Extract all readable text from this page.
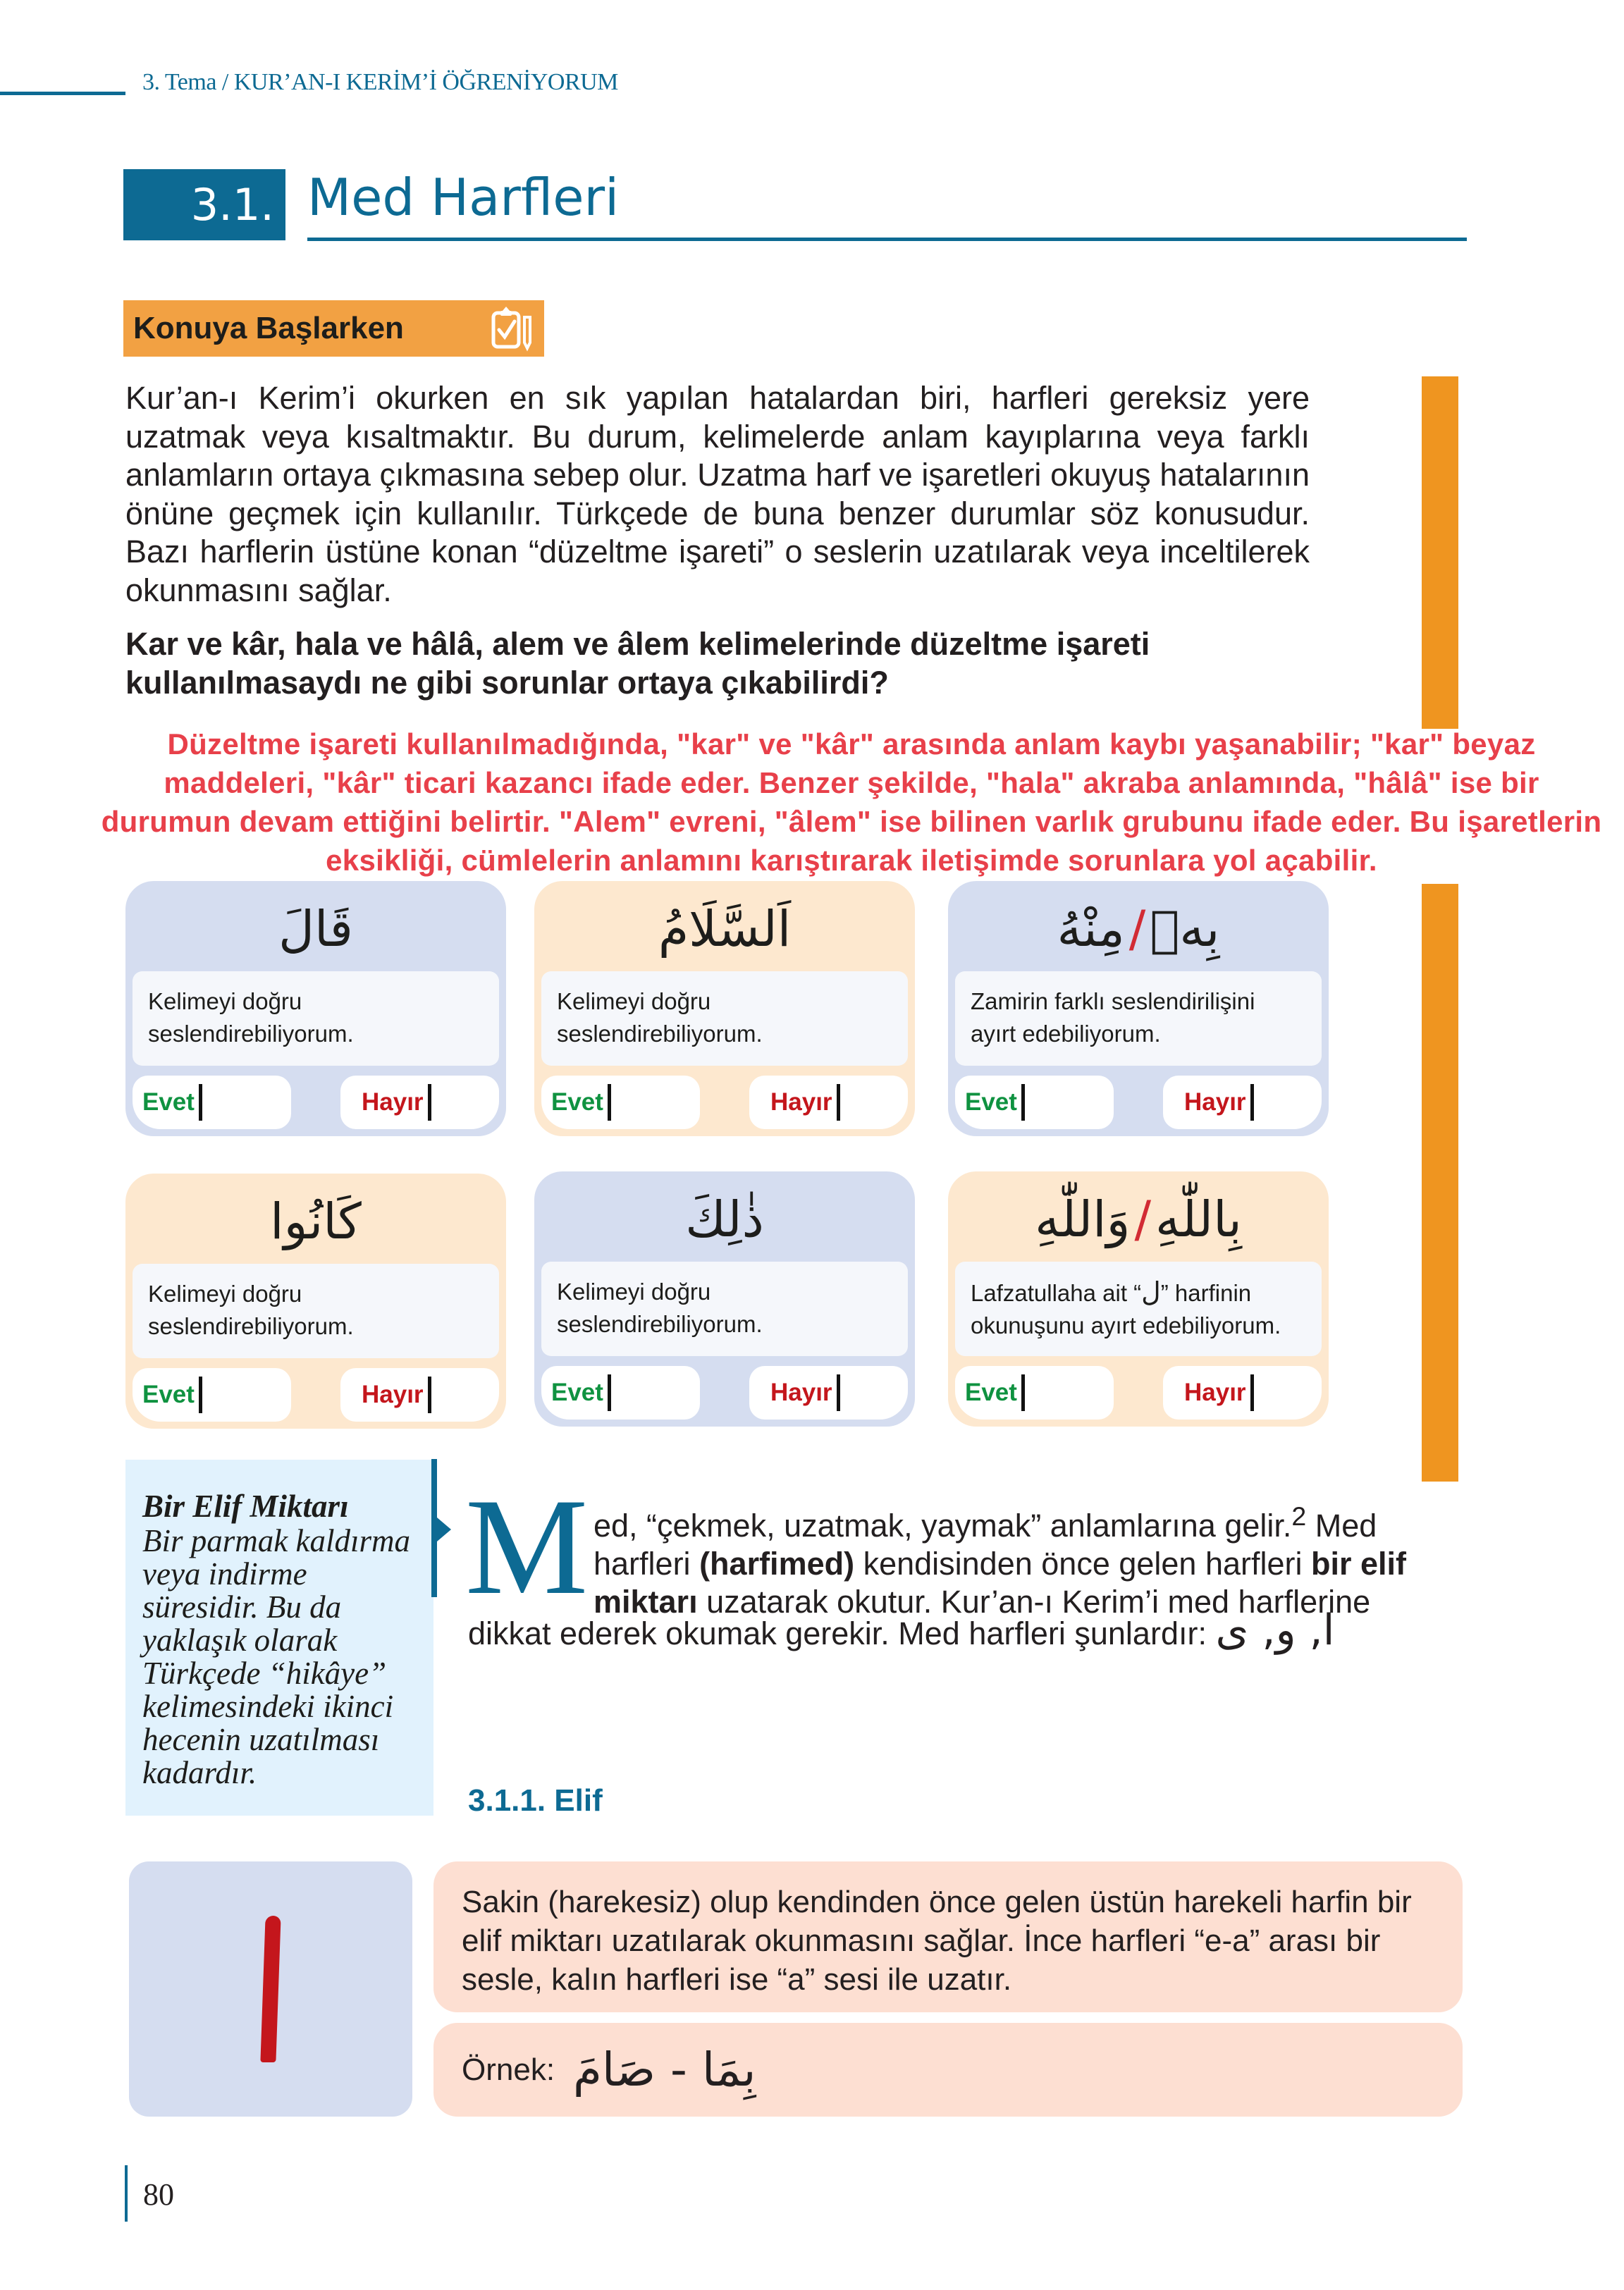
3. Tema / KUR’AN-I KERİM’İ ÖĞRENİYORUM
3.1. Med Harfleri
Konuya Başlarken
Kur’an-ı Kerim’i okurken en sık yapılan hatalardan biri, harfleri gereksiz yere uzatmak veya kısaltmaktır. Bu durum, kelimelerde anlam kayıplarına veya farklı anlamların ortaya çıkmasına sebep olur. Uzatma harf ve işaretleri okuyuş hatalarının önüne geçmek için kullanılır. Türkçede de buna benzer durumlar söz konusudur. Bazı harflerin üstüne konan “düzeltme işareti” o seslerin uzatılarak veya inceltilerek okunmasını sağlar.
Kar ve kâr, hala ve hâlâ, alem ve âlem kelimelerinde düzeltme işareti kullanılmasaydı ne gibi sorunlar ortaya çıkabilirdi?
Düzeltme işareti kullanılmadığında, "kar" ve "kâr" arasında anlam kaybı yaşanabilir; "kar" beyaz maddeleri, "kâr" ticari kazancı ifade eder. Benzer şekilde, "hala" akraba anlamında, "hâlâ" ise bir durumun devam ettiğini belirtir. "Alem" evreni, "âlem" ise bilinen varlık grubunu ifade eder. Bu işaretlerin eksikliği, cümlelerin anlamını karıştırarak iletişimde sorunlara yol açabilir.
قَالَ
Kelimeyi doğru seslendirebiliyorum.
Evet	Hayır
اَلسَّلَامُ
Kelimeyi doğru seslendirebiliyorum.
Evet	Hayır
بِهٖ
/
مِنْهُ
Zamirin farklı seslendirilişini ayırt edebiliyorum.
Evet	Hayır
كَانُوا
Kelimeyi doğru seslendirebiliyorum.
Evet	Hayır
ذٰلِكَ
Kelimeyi doğru seslendirebiliyorum.
Evet	Hayır
بِاللّٰهِ
/
وَاللّٰهِ
Lafzatullaha ait “ل” harfinin okunuşunu ayırt edebiliyorum.
Evet	Hayır
Bir Elif Miktarı
Bir parmak kaldırma veya indirme süresidir. Bu da yaklaşık olarak Türkçede “hikâye” kelimesindeki ikinci hecenin uzatılması kadardır.
M ed, “çekmek, uzatmak, yaymak” anlamlarına gelir.$^2$ Med
harfleri (harfimed) kendisinden önce gelen harfleri bir elif
miktarı uzatarak okutur. Kur’an-ı Kerim’i med harflerine
dikkat ederek okumak gerekir. Med harfleri şunlardır: ا, و, ى
3.1.1. Elif
Sakin (harekesiz) olup kendinden önce gelen üstün harekeli harfin bir elif miktarı uzatılarak okunmasını sağlar. İnce harfleri “e-a” arası bir sesle, kalın harfleri ise “a” sesi ile uzatır.
Örnek:	بِمَا - صَامَ
80
